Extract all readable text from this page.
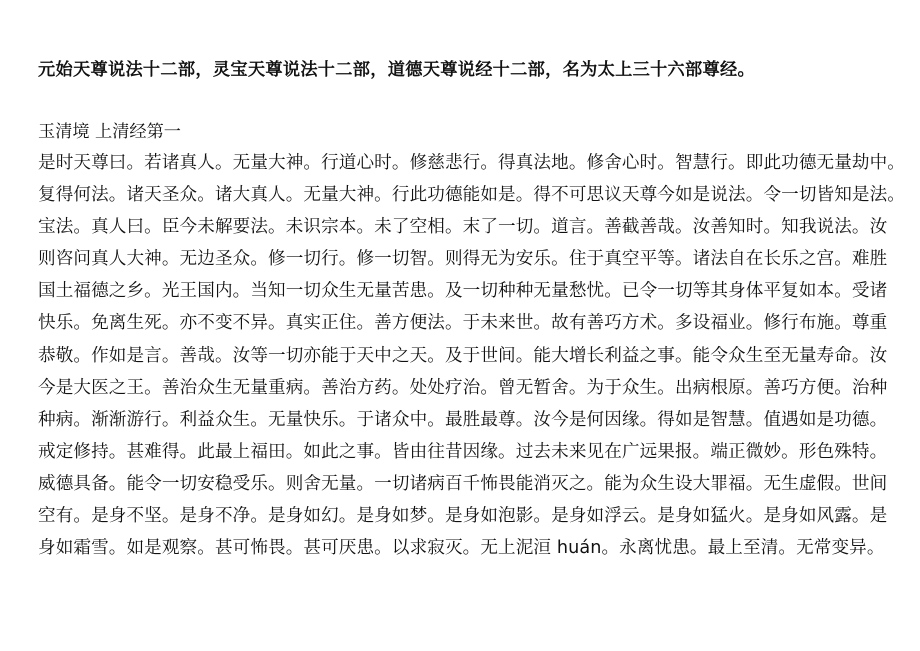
元始天尊说法十二部，灵宝天尊说法十二部，道德天尊说经十二部，名为太上三十六部尊经。
玉清境 上清经第一
是时天尊曰。若诸真人。无量大神。行道心时。修慈悲行。得真法地。修舍心时。智慧行。即此功德无量劫中。
复得何法。诸天圣众。诸大真人。无量大神。行此功德能如是。得不可思议天尊今如是说法。令一切皆知是法。
宝法。真人曰。臣今未解要法。未识宗本。未了空相。末了一切。道言。善截善哉。汝善知时。知我说法。汝
则咨问真人大神。无边圣众。修一切行。修一切智。则得无为安乐。住于真空平等。诸法自在长乐之宫。难胜
国土福德之乡。光王国内。当知一切众生无量苦患。及一切种种无量愁忧。已令一切等其身体平复如本。受诸
快乐。免离生死。亦不变不异。真实正住。善方便法。于未来世。故有善巧方术。多设福业。修行布施。尊重
恭敬。作如是言。善哉。汝等一切亦能于天中之天。及于世间。能大增长利益之事。能令众生至无量寿命。汝
今是大医之王。善治众生无量重病。善治方药。处处疗治。曾无暂舍。为于众生。出病根原。善巧方便。治种
种病。渐渐游行。利益众生。无量快乐。于诸众中。最胜最尊。汝今是何因缘。得如是智慧。值遇如是功德。
戒定修持。甚难得。此最上福田。如此之事。皆由往昔因缘。过去未来见在广远果报。端正微妙。形色殊特。
威德具备。能令一切安稳受乐。则舍无量。一切诸病百千怖畏能消灭之。能为众生设大罪福。无生虚假。世间
空有。是身不坚。是身不净。是身如幻。是身如梦。是身如泡影。是身如浮云。是身如猛火。是身如风露。是
身如霜雪。如是观察。甚可怖畏。甚可厌患。以求寂灭。无上泥洹 huán。永离忧患。最上至清。无常变异。
